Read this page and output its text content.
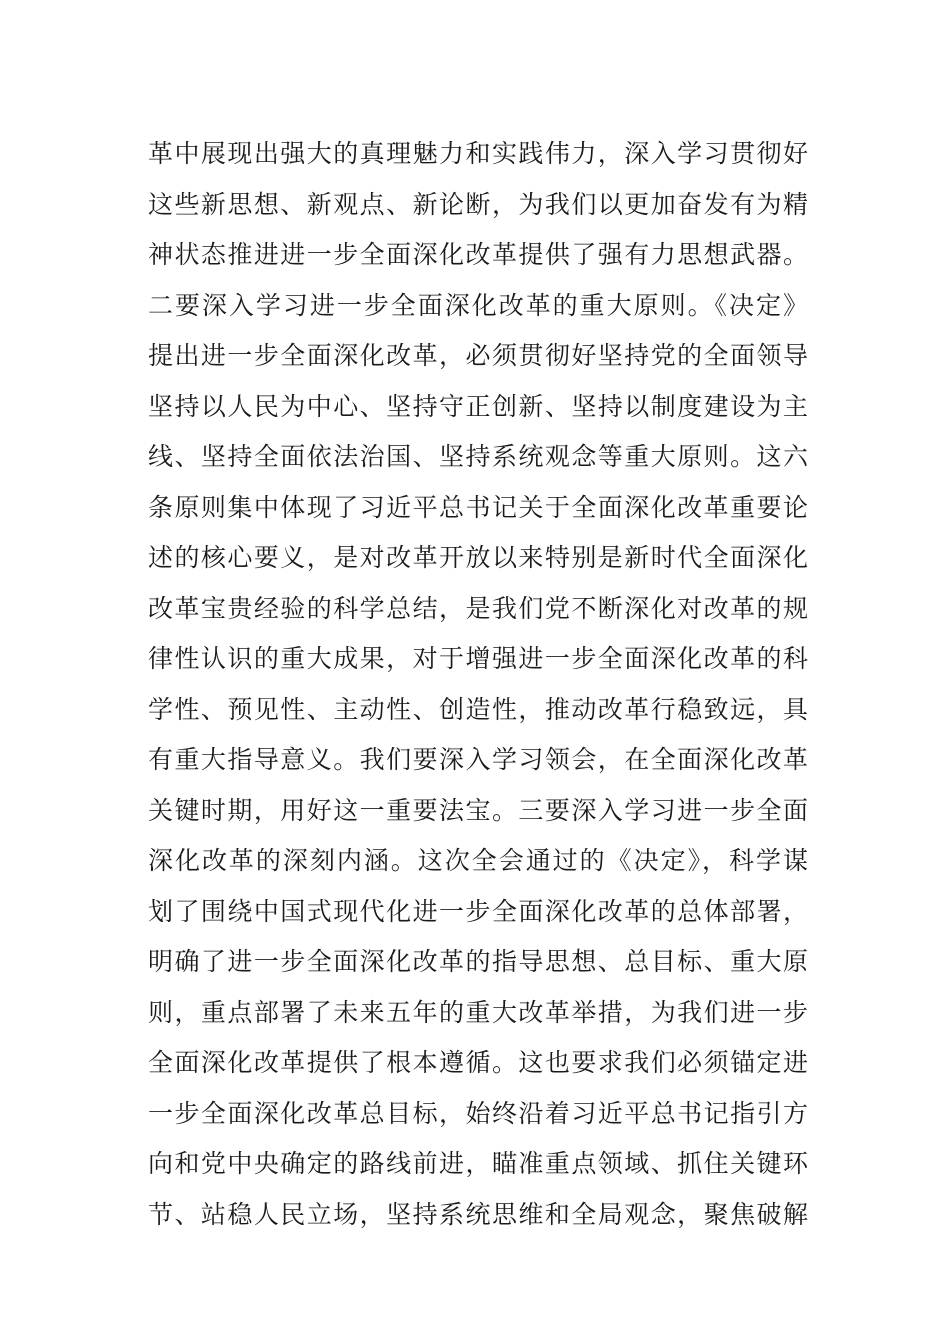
革中展现出强大的真理魅力和实践伟力，深入学习贯彻好
这些新思想、新观点、新论断，为我们以更加奋发有为精
神状态推进进一步全面深化改革提供了强有力思想武器。
二要深入学习进一步全面深化改革的重大原则。《决定》
提出进一步全面深化改革，必须贯彻好坚持党的全面领导
坚持以人民为中心、坚持守正创新、坚持以制度建设为主
线、坚持全面依法治国、坚持系统观念等重大原则。这六
条原则集中体现了习近平总书记关于全面深化改革重要论
述的核心要义，是对改革开放以来特别是新时代全面深化
改革宝贵经验的科学总结，是我们党不断深化对改革的规
律性认识的重大成果，对于增强进一步全面深化改革的科
学性、预见性、主动性、创造性，推动改革行稳致远，具
有重大指导意义。我们要深入学习领会，在全面深化改革
关键时期，用好这一重要法宝。三要深入学习进一步全面
深化改革的深刻内涵。这次全会通过的《决定》，科学谋
划了围绕中国式现代化进一步全面深化改革的总体部署，
明确了进一步全面深化改革的指导思想、总目标、重大原
则，重点部署了未来五年的重大改革举措，为我们进一步
全面深化改革提供了根本遵循。这也要求我们必须锚定进
一步全面深化改革总目标，始终沿着习近平总书记指引方
向和党中央确定的路线前进，瞄准重点领域、抓住关键环
节、站稳人民立场，坚持系统思维和全局观念，聚焦破解
